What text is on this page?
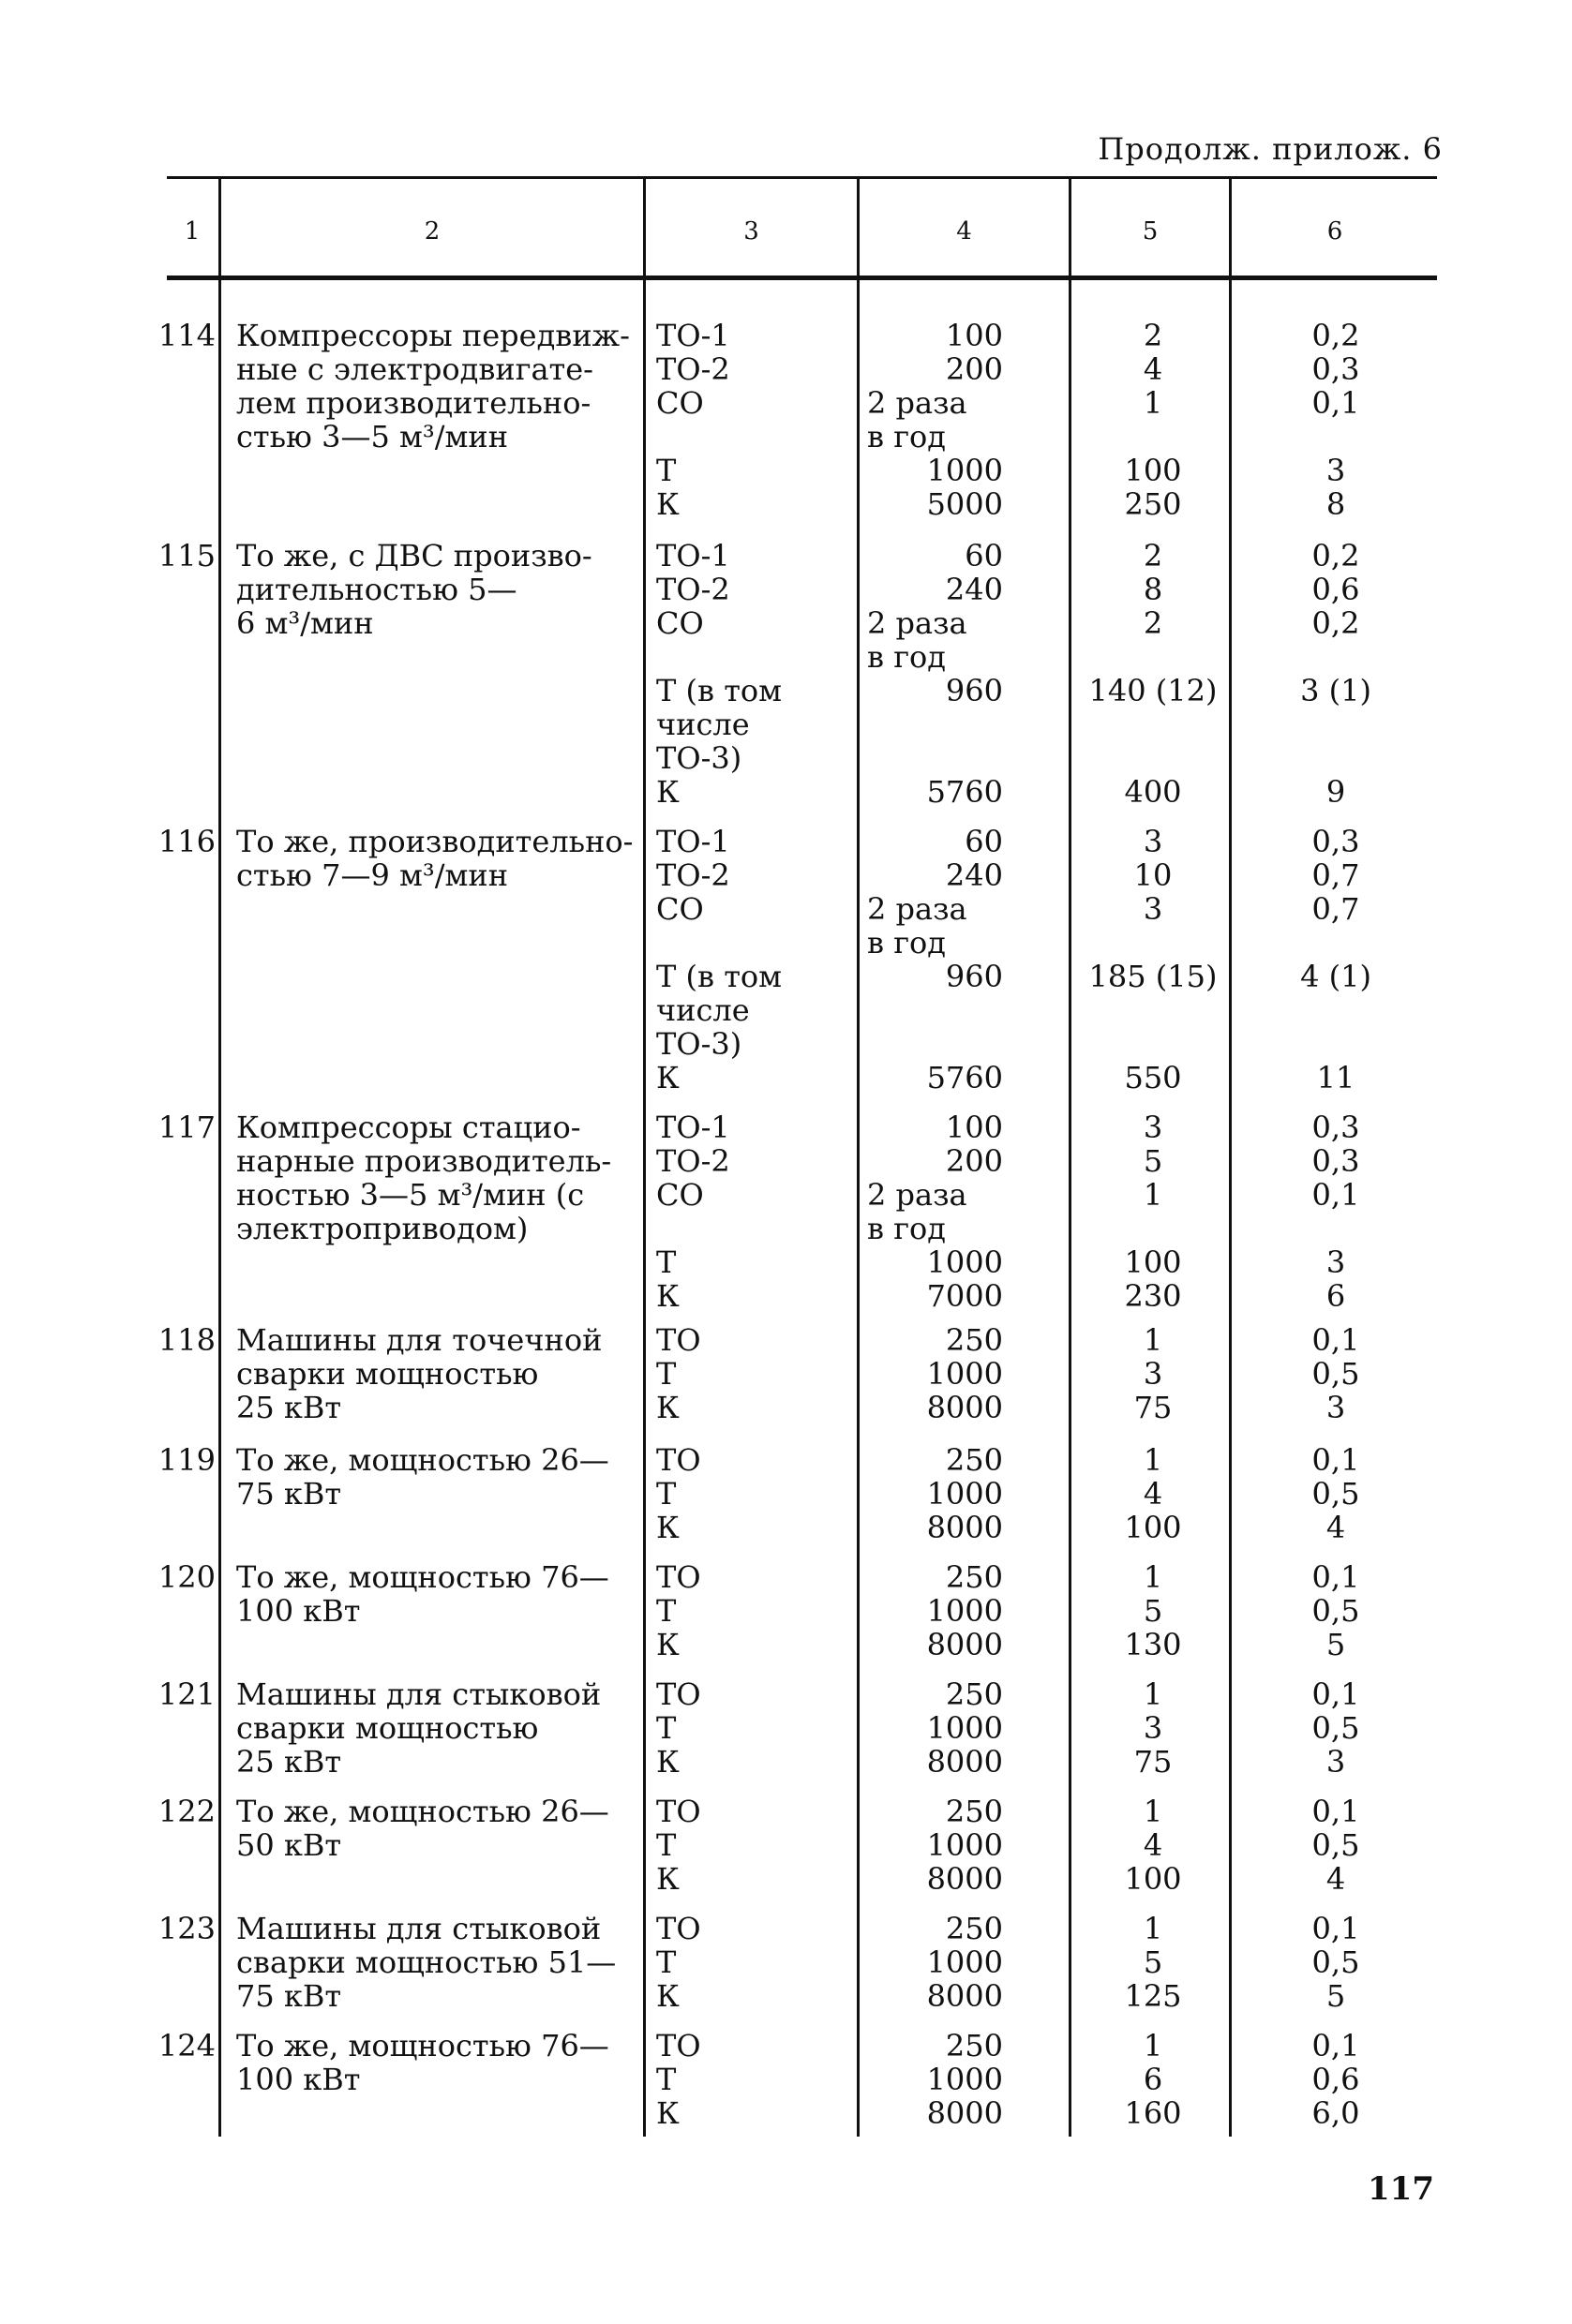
Продолж. прилож. 6
1	2	3	4	5	6
114 Компрессоры передвиж-
ные с электродвигате-
лем производительно-
стью 3—5 м³/мин
ТО-1	100	2	0,2
ТО-2	200	4	0,3
СО	2 раза	1	0,1
в год
Т	1000	100	3
К	5000	250	8
115 То же, с ДВС произво-
дительностью 5—
6 м³/мин
ТО-1	60	2	0,2
ТО-2	240	8	0,6
СО	2 раза	2	0,2
в год
Т (в том	960	140 (12)	3 (1)
числе
ТО-3)
К	5760	400	9
116 То же, производительно-
стью 7—9 м³/мин
ТО-1	60	3	0,3
ТО-2	240	10	0,7
СО	2 раза	3	0,7
в год
Т (в том	960	185 (15)	4 (1)
числе
ТО-3)
К	5760	550	11
117 Компрессоры стацио-
нарные производитель-
ностью 3—5 м³/мин (с
электроприводом)
ТО-1	100	3	0,3
ТО-2	200	5	0,3
СО	2 раза	1	0,1
в год
Т	1000	100	3
К	7000	230	6
118 Машины для точечной
сварки мощностью
25 кВт
ТО	250	1	0,1
Т	1000	3	0,5
К	8000	75	3
119 То же, мощностью 26—
75 кВт
ТО	250	1	0,1
Т	1000	4	0,5
К	8000	100	4
120 То же, мощностью 76—
100 кВт
ТО	250	1	0,1
Т	1000	5	0,5
К	8000	130	5
121 Машины для стыковой
сварки мощностью
25 кВт
ТО	250	1	0,1
Т	1000	3	0,5
К	8000	75	3
122 То же, мощностью 26—
50 кВт
ТО	250	1	0,1
Т	1000	4	0,5
К	8000	100	4
123 Машины для стыковой
сварки мощностью 51—
75 кВт
ТО	250	1	0,1
Т	1000	5	0,5
К	8000	125	5
124 То же, мощностью 76—
100 кВт
ТО	250	1	0,1
Т	1000	6	0,6
К	8000	160	6,0
117
